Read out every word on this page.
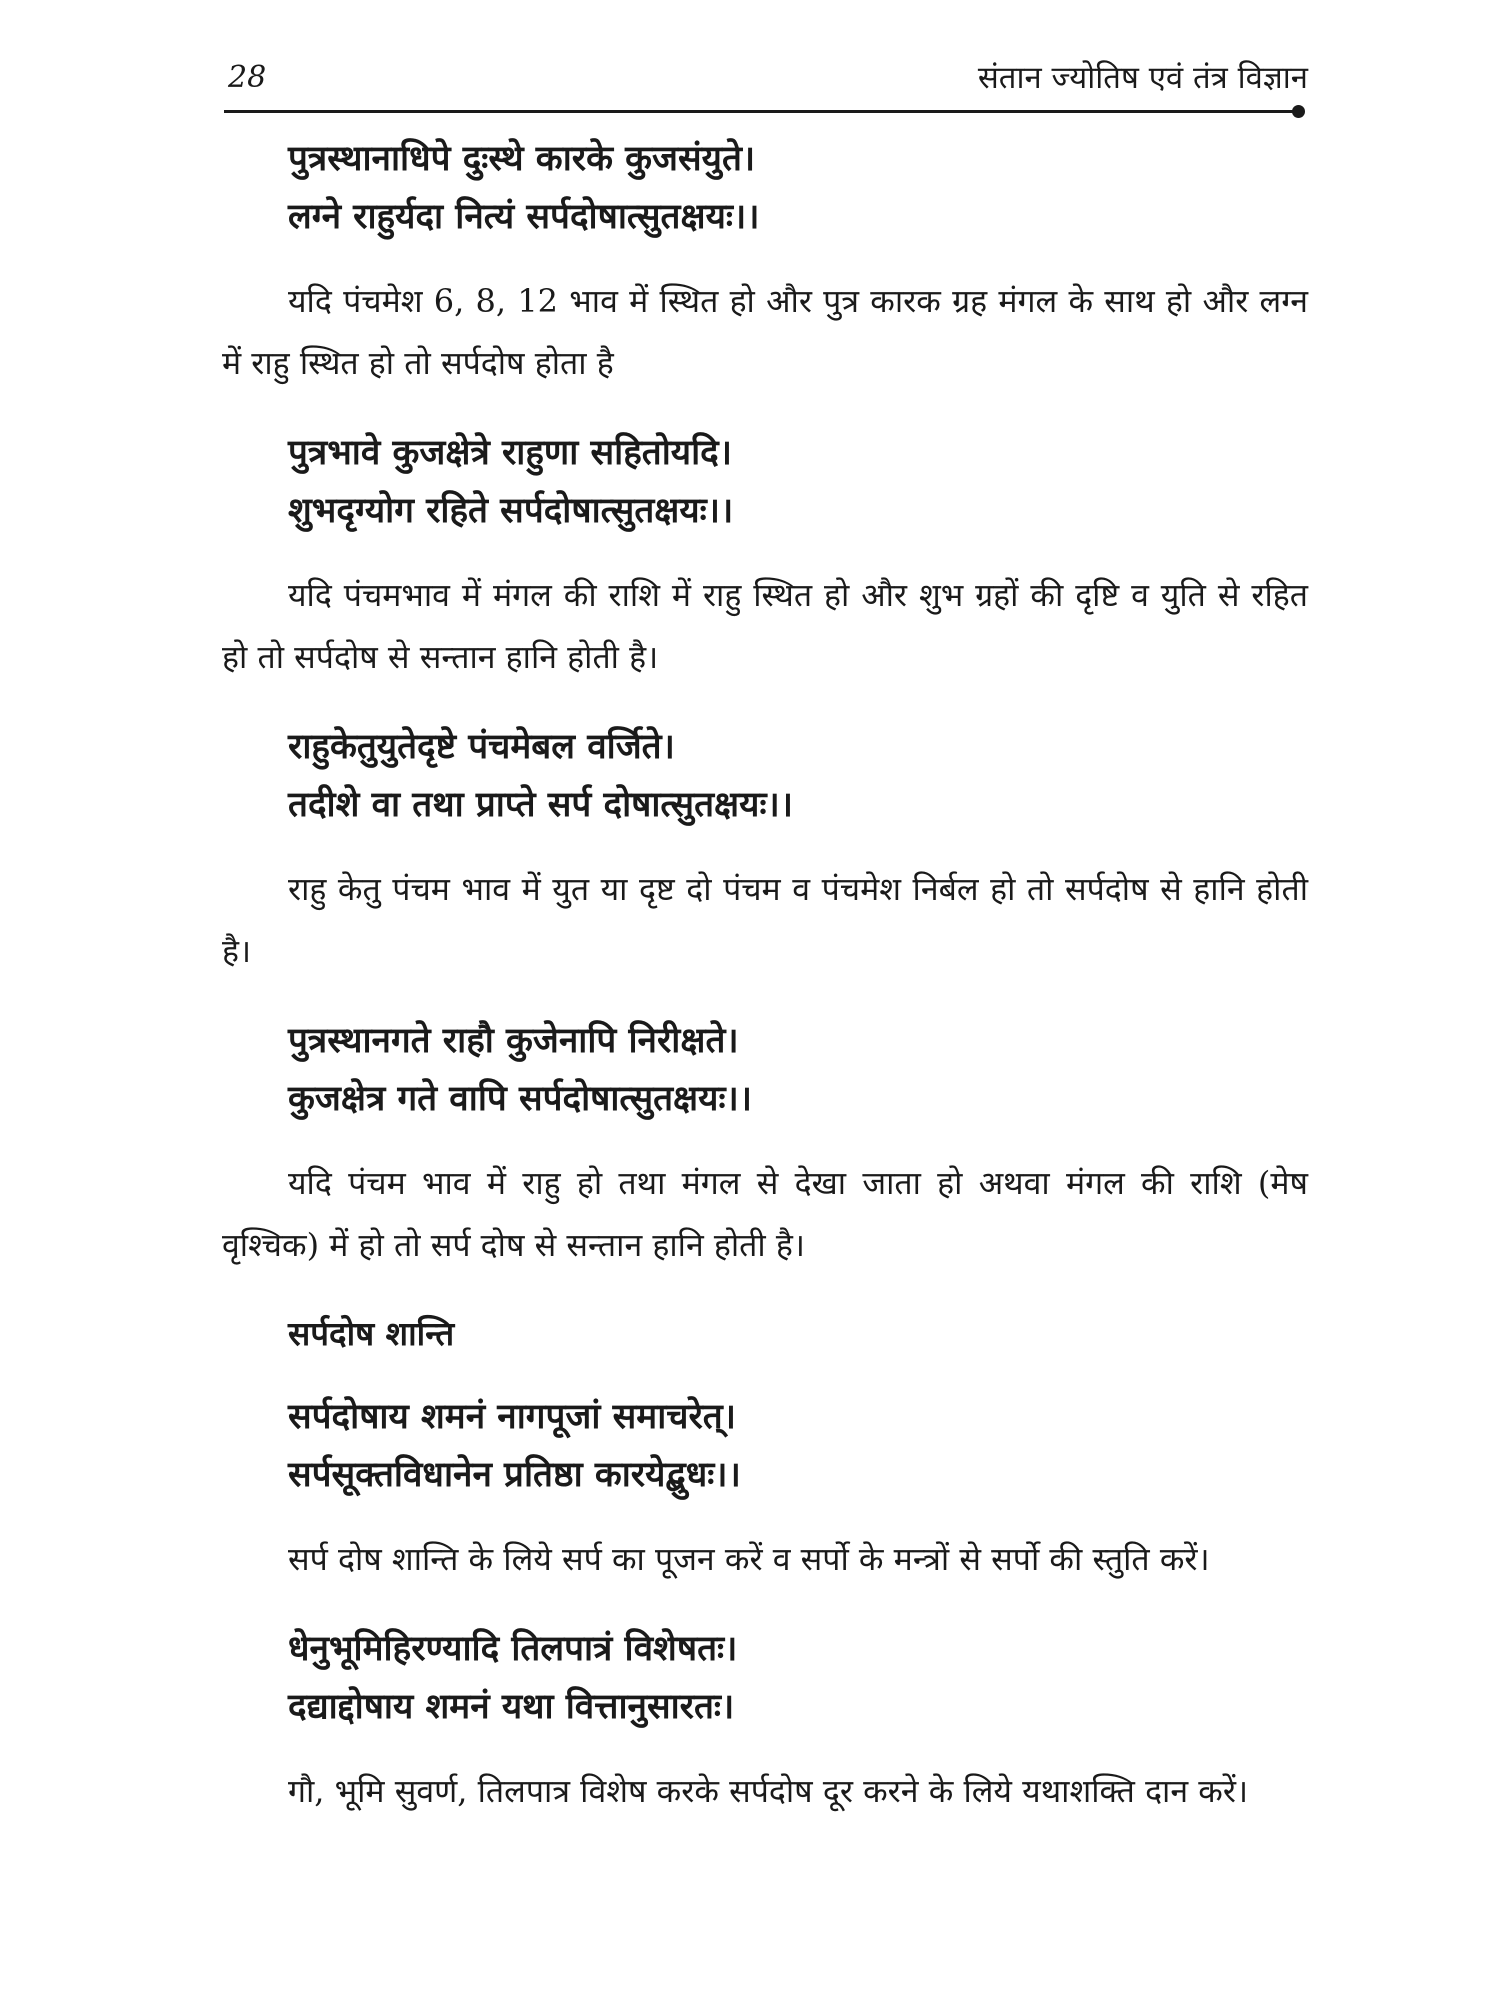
28	संतान ज्योतिष एवं तंत्र विज्ञान
पुत्रस्थानाधिपे दुःस्थे कारके कुजसंयुते।
लग्ने राहुर्यदा नित्यं सर्पदोषात्सुतक्षयः।।

यदि पंचमेश 6, 8, 12 भाव में स्थित हो और पुत्र कारक ग्रह मंगल के साथ हो और लग्न में राहु स्थित हो तो सर्पदोष होता है

पुत्रभावे कुजक्षेत्रे राहुणा सहितोयदि।
शुभदृग्योग रहिते सर्पदोषात्सुतक्षयः।।

यदि पंचमभाव में मंगल की राशि में राहु स्थित हो और शुभ ग्रहों की दृष्टि व युति से रहित हो तो सर्पदोष से सन्तान हानि होती है।

राहुकेतुयुतेदृष्टे पंचमेबल वर्जिते।
तदीशे वा तथा प्राप्ते सर्प दोषात्सुतक्षयः।।

राहु केतु पंचम भाव में युत या दृष्ट दो पंचम व पंचमेश निर्बल हो तो सर्पदोष से हानि होती है।

पुत्रस्थानगते राहौ कुजेनापि निरीक्षते।
कुजक्षेत्र गते वापि सर्पदोषात्सुतक्षयः।।

यदि पंचम भाव में राहु हो तथा मंगल से देखा जाता हो अथवा मंगल की राशि (मेष वृश्चिक) में हो तो सर्प दोष से सन्तान हानि होती है।

सर्पदोष शान्ति
सर्पदोषाय शमनं नागपूजां समाचरेत्।
सर्पसूक्तविधानेन प्रतिष्ठा कारयेद्बुधः।।

सर्प दोष शान्ति के लिये सर्प का पूजन करें व सर्पो के मन्त्रों से सर्पो की स्तुति करें।

धेनुभूमिहिरण्यादि तिलपात्रं विशेषतः।
दद्याद्दोषाय शमनं यथा वित्तानुसारतः।

गौ, भूमि सुवर्ण, तिलपात्र विशेष करके सर्पदोष दूर करने के लिये यथाशक्ति दान करें।
